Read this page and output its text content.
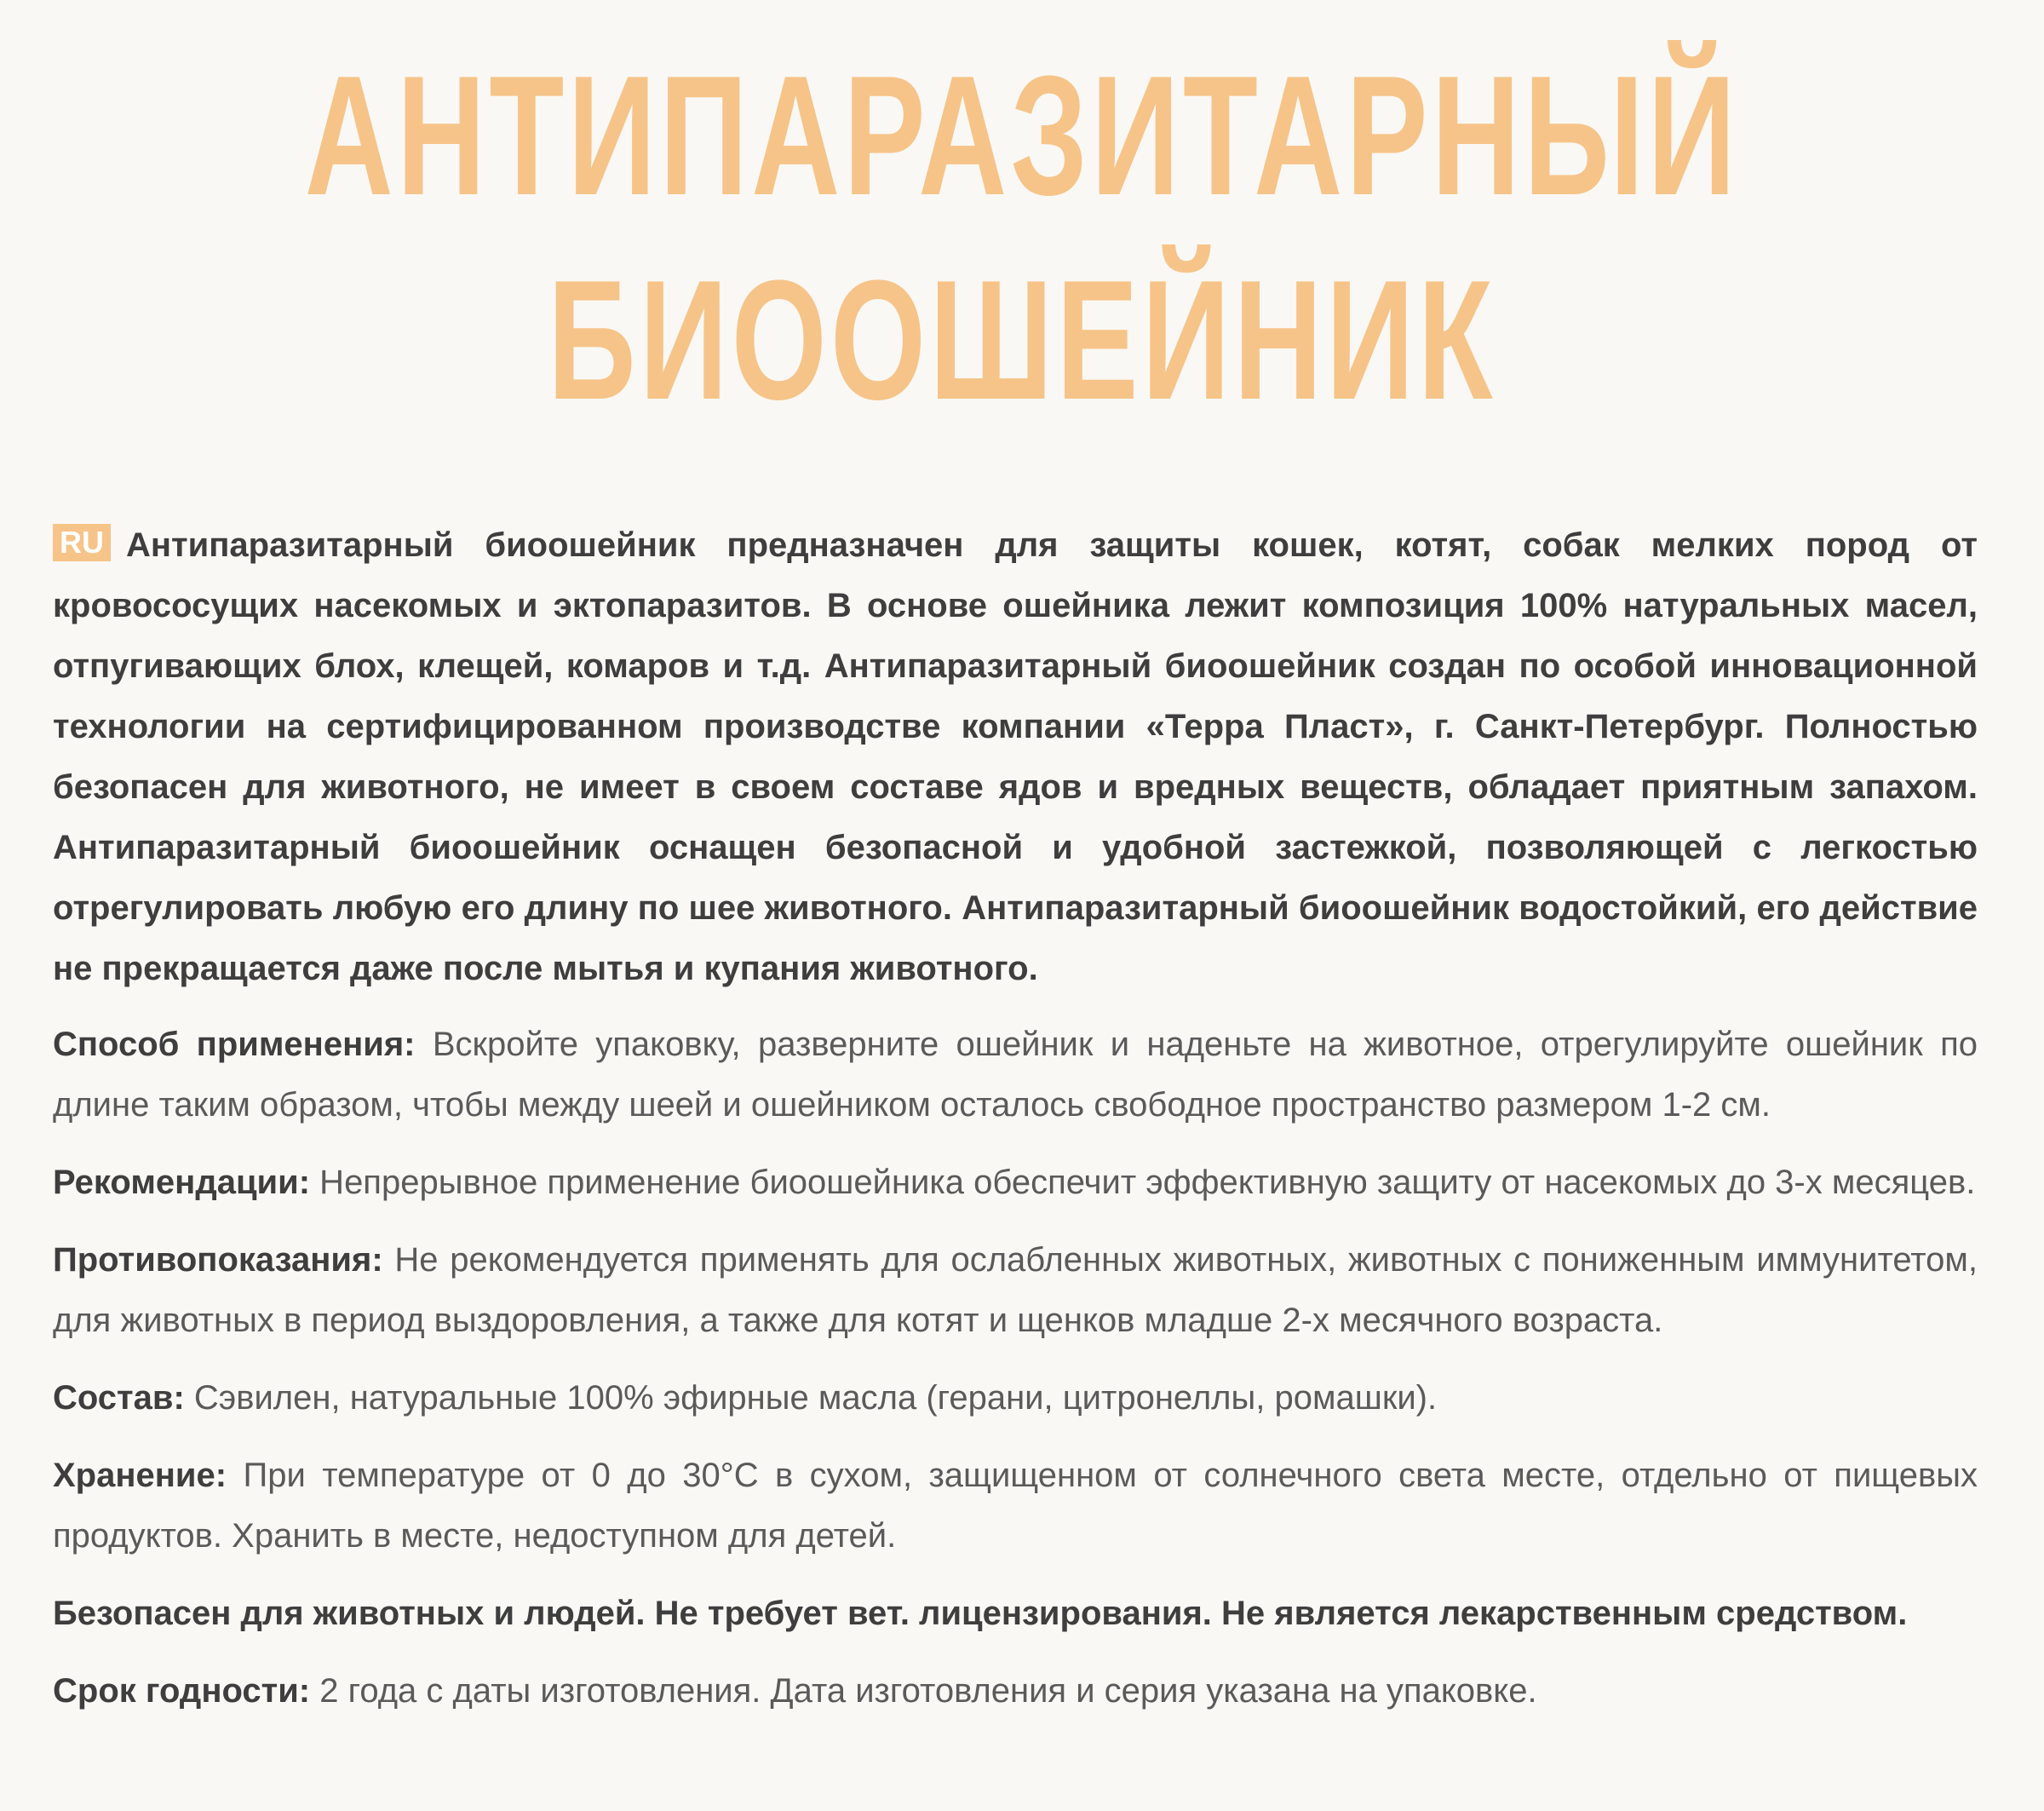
АНТИПАРАЗИТАРНЫЙ
БИООШЕЙНИК

RU Антипаразитарный биоошейник предназначен для защиты кошек, котят, собак мелких пород от кровососущих насекомых и эктопаразитов. В основе ошейника лежит композиция 100% натуральных масел, отпугивающих блох, клещей, комаров и т.д. Антипаразитарный биоошейник создан по особой инновационной технологии на сертифицированном производстве компании «Терра Пласт», г. Санкт-Петербург. Полностью безопасен для животного, не имеет в своем составе ядов и вредных веществ, обладает приятным запахом. Антипаразитарный биоошейник оснащен безопасной и удобной застежкой, позволяющей с легкостью отрегулировать любую его длину по шее животного. Антипаразитарный биоошейник водостойкий, его действие не прекращается даже после мытья и купания животного.

Способ применения: Вскройте упаковку, разверните ошейник и наденьте на животное, отрегулируйте ошейник по длине таким образом, чтобы между шеей и ошейником осталось свободное пространство размером 1-2 см.

Рекомендации: Непрерывное применение биоошейника обеспечит эффективную защиту от насекомых до 3-х месяцев.

Противопоказания: Не рекомендуется применять для ослабленных животных, животных с пониженным иммунитетом, для животных в период выздоровления, а также для котят и щенков младше 2-х месячного возраста.

Состав: Сэвилен, натуральные 100% эфирные масла (герани, цитронеллы, ромашки).

Хранение: При температуре от 0 до 30°С в сухом, защищенном от солнечного света месте, отдельно от пищевых продуктов. Хранить в месте, недоступном для детей.

Безопасен для животных и людей. Не требует вет. лицензирования. Не является лекарственным средством.

Срок годности: 2 года с даты изготовления. Дата изготовления и серия указана на упаковке.
